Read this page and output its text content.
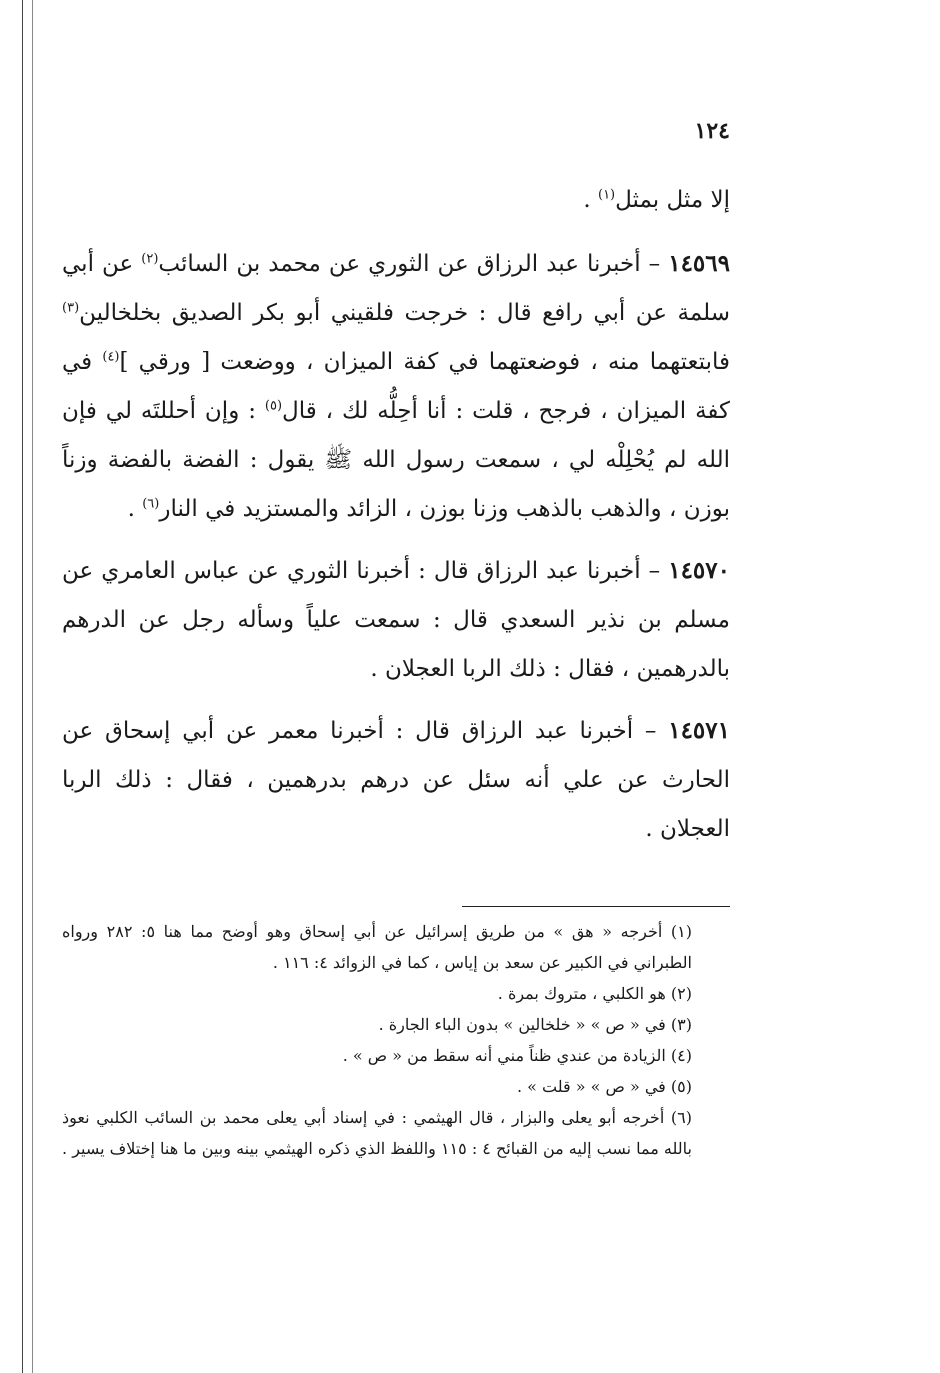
١٢٤

إلا مثل بمثل$^{(١)}$ .

١٤٥٦٩ – أخبرنا عبد الرزاق عن الثوري عن محمد بن السائب$^{(٢)}$ عن أبي سلمة عن أبي رافع قال : خرجت فلقيني أبو بكر الصديق بخلخالين$^{(٣)}$ فابتعتهما منه ، فوضعتهما في كفة الميزان ، ووضعت [ ورقي ]$^{(٤)}$ في كفة الميزان ، فرجح ، قلت : أنا أحِلُّه لك ، قال$^{(٥)}$ : وإن أحللتَه لي فإن الله لم يُحْلِلْه لي ، سمعت رسول الله ﷺ يقول : الفضة بالفضة وزناً بوزن ، والذهب بالذهب وزنا بوزن ، الزائد والمستزيد في النار$^{(٦)}$ .

١٤٥٧٠ – أخبرنا عبد الرزاق قال : أخبرنا الثوري عن عباس العامري عن مسلم بن نذير السعدي قال : سمعت علياً وسأله رجل عن الدرهم بالدرهمين ، فقال : ذلك الربا العجلان .

١٤٥٧١ – أخبرنا عبد الرزاق قال : أخبرنا معمر عن أبي إسحاق عن الحارث عن علي أنه سئل عن درهم بدرهمين ، فقال : ذلك الربا العجلان .

(١) أخرجه « هق » من طريق إسرائيل عن أبي إسحاق وهو أوضح مما هنا ٥: ٢٨٢ ورواه الطبراني في الكبير عن سعد بن إياس ، كما في الزوائد ٤: ١١٦ .

(٢) هو الكلبي ، متروك بمرة .

(٣) في « ص » « خلخالين » بدون الباء الجارة .

(٤) الزيادة من عندي ظناً مني أنه سقط من « ص » .

(٥) في « ص » « قلت » .

(٦) أخرجه أبو يعلى والبزار ، قال الهيثمي : في إسناد أبي يعلى محمد بن السائب الكلبي نعوذ بالله مما نسب إليه من القبائح ٤ : ١١٥ واللفظ الذي ذكره الهيثمي بينه وبين ما هنا إختلاف يسير .
